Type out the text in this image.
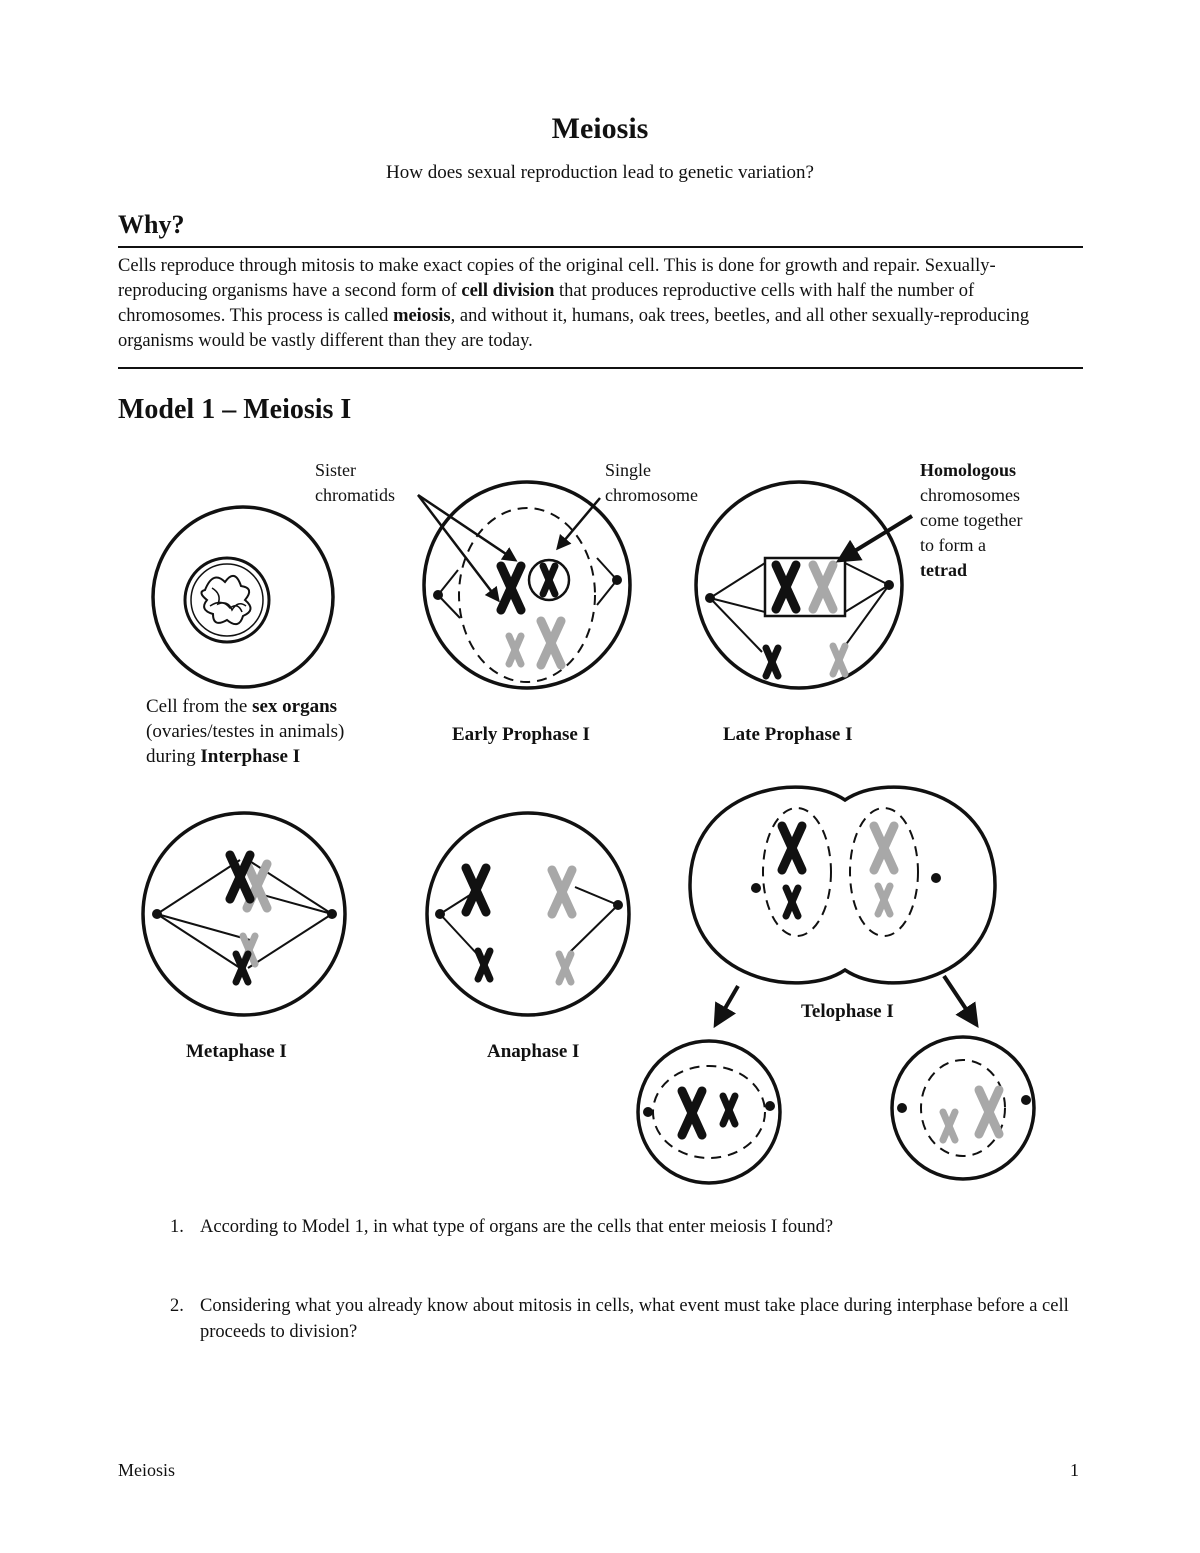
Meiosis
How does sexual reproduction lead to genetic variation?
Why?

Cells reproduce through mitosis to make exact copies of the original cell. This is done for growth and repair. Sexually-reproducing organisms have a second form of cell division that produces reproductive cells with half the number of chromosomes. This process is called meiosis, and without it, humans, oak trees, beetles, and all other sexually-reproducing organisms would be vastly different than they are today.

Model 1 – Meiosis I
Sister
chromatids
Single
chromosome
Homologous
chromosomes
come together
to form a
tetrad
Cell from the sex organs
(ovaries/testes in animals)
during Interphase I
Early Prophase I	Late Prophase I
Metaphase I	Anaphase I
Telophase I
1. According to Model 1, in what type of organs are the cells that enter meiosis I found?
2. Considering what you already know about mitosis in cells, what event must take place during interphase before a cell proceeds to division?
Meiosis	1
